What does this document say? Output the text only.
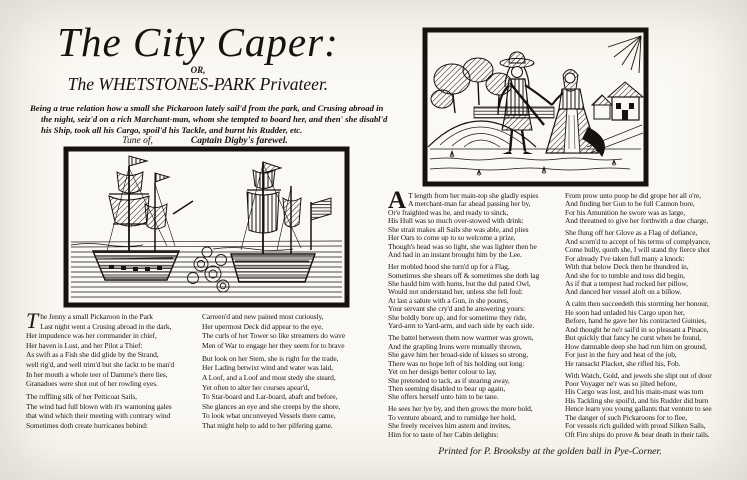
The City Caper:
OR,
The WHETSTONES-PARK Privateer.
Being a true relation how a small she Pickaroon lately sail'd from the park, and Crusing abroad in
the night, seiz'd on a rich Marchant-man, whom she tempted to board her, and then' she disabl'd
his Ship, took all his Cargo, spoil'd his Tackle, and burnt his Rudder, etc.
Tune of,	Captain Digby's farewel.

T he Jenny a small Pickaroon in the Park
Last night went a Crusing abroad in the dark,
Her impudence was her commander in chief,
Her haven is Lust, and her Pilot a Thief:
As swift as a Fish she did glide by the Strand,
well rig'd, and well trim'd but she lackt to be man'd
In her mouth a whole teer of Damme's there lies,
Granadoes were shot out of her rowling eyes.

The ruffling silk of her Petticoat Sails,
The wind had full blown with it's wantoning gales
that wind which their meeting with contrary wind
Sometimes doth create hurricanes behind:

Carreen'd and new pained most curiously,
Her upermost Deck did appear to the eye,
The curls of her Tower so like streamers do wave
Men of War to engage her they seem for to brave

But look on her Stem, she is right for the trade,
Her Lading betwixt wind and water was laid,
A Loof, and a Loof and most stedy she steard,
Yet often to alter her courses apear'd,
To Star-board and Lar-board, abaft and before,
She glances an eye and she creeps by the shore,
To look what unconveyed Vessels there came,
That might help to add to her pilfering game.

A T length from her main-top she gladly espies
A merchant-man far ahead passing her by,
Or'e fraighted was he, and ready to sinck,
His Hull was so much over-stowed with drink:
She strait makes all Sails she was able, and plies
Her Oars to come up to so welcome a prize,
Though's head was so light, she was lighter then he
And had in an instant brought him by the Lee.

Her mobled hood she turn'd up for a Flag,
Sometimes she shears off & sometimes she doth lag
She hauld him with hums, but the dul pated Owl,
Would not understand her, unless she fell foul:
At last a salute with a Gun, in she poures,
Your servant she cry'd and he answering yours:
She boldly bore up, and for sometime they ride,
Yard-arm to Yard-arm, and each side by each side.

The battel between them now warmer was grown,
And the grapling Irons were mutually thrown,
She gave him her broad-side of kisses so strong,
There was no hope left of his holding out long:
Yet on her design better colour to lay,
She pretended to tack, as if stearing away,
Then seeming disabled to bear up again,
She offers herself unto him to be tane.

He sees her lye by, and then grows the more bold,
To venture aboard, and to rumidge her hold,
She freely receives him astern and invites,
Him for to taste of her Cabin delights:

From prow unto poop he did grope her all o're,
And finding her Gun to be full Cannon bore,
For his Amunition he swore was as large,
And threatned to give her forthwith a due charge,

She flung off her Glove as a Flag of defiance,
And scorn'd to accept of his terms of complyance,
Come hully, quoth she, I will stand thy fierce shot
For already I've taken full many a knock:
With that below Deck then he thundred in,
And she for to tumble and toss did begin,
As if that a tempest had rocked her pillow,
And danced her vessel aloft on a billow.

A calm then succeedeth this storming her honour,
He soon had unladed his Cargo upon her,
Before, hand he gave her his contracted Guinies,
And thought he ne'r sail'd in so pleasant a Pinace,
But quickly that fancy he curst when he found,
How damnable deep she had run him on ground,
For just in the fury and heat of the job,
He ransackt Placket, she rifled his, Fob.

With Watch, Gold, and jewels she slipt out of door
Poor Voyager ne'r was so jilted before,
His Cargo was lost, and his main-mast was torn
His Tackling she spoil'd, and his Rudder did burn
Hence learn you young gallants that venture to see
The danger of such Pickaroons for to flee,
For vessels rich guilded with proud Silken Sails,
Oft Fire ships do prove & bear death in their tails.

Printed for P. Brooksby at the golden ball in Pye-Corner.
